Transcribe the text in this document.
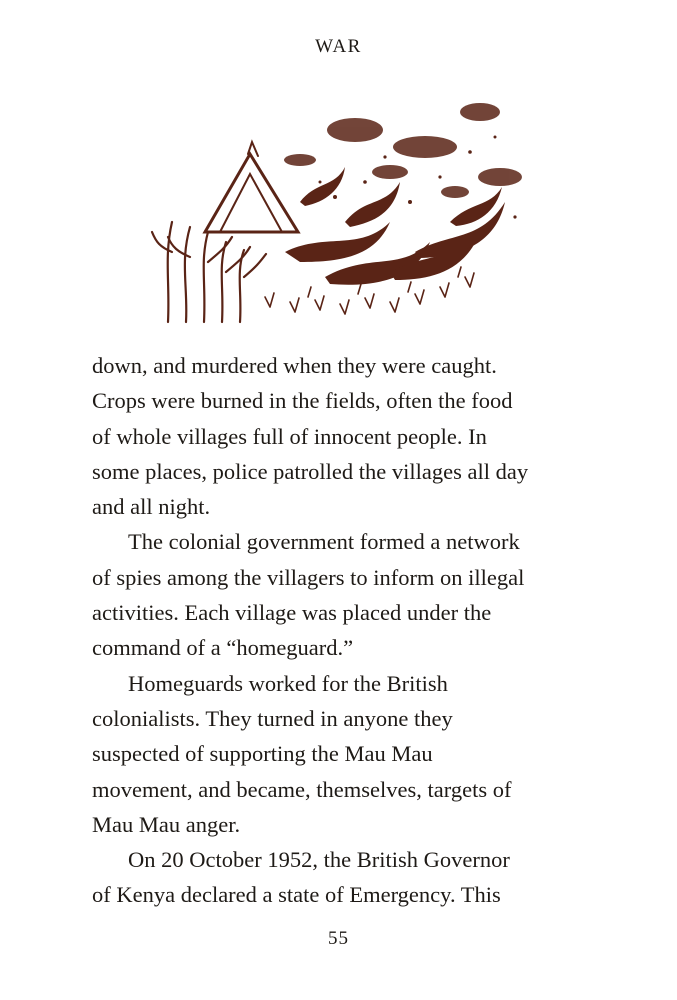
WAR

down, and murdered when they were caught.
Crops were burned in the fields, often the food
of whole villages full of innocent people. In
some places, police patrolled the villages all day
and all night.

The colonial government formed a network
of spies among the villagers to inform on illegal
activities. Each village was placed under the
command of a “homeguard.”

Homeguards worked for the British
colonialists. They turned in anyone they
suspected of supporting the Mau Mau
movement, and became, themselves, targets of
Mau Mau anger.

On 20 October 1952, the British Governor
of Kenya declared a state of Emergency. This

55
